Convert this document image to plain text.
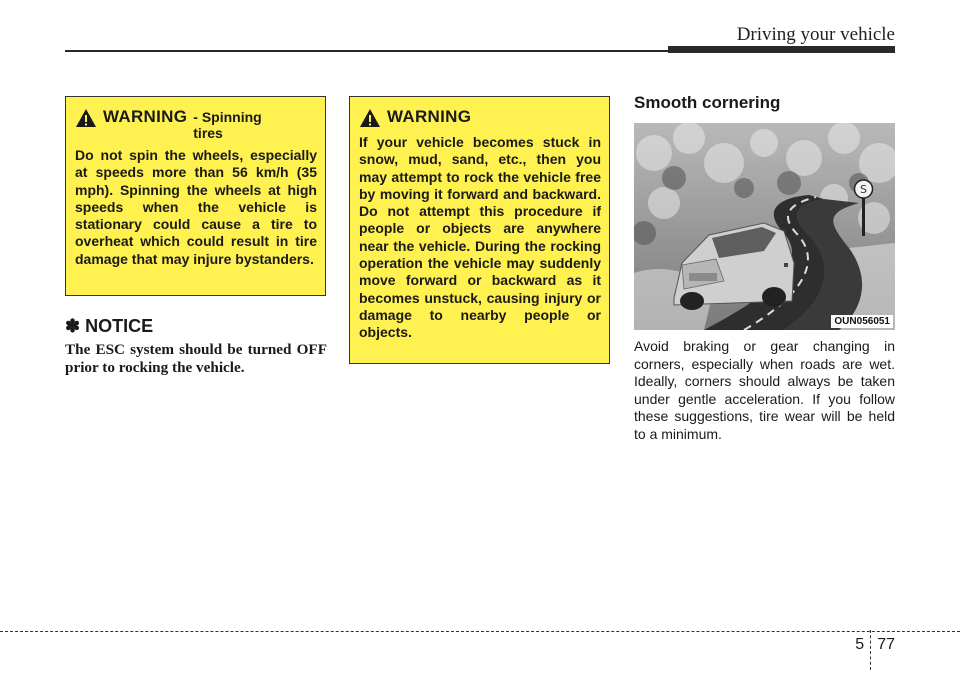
Driving your vehicle
WARNING - Spinning tires
Do not spin the wheels, especially at speeds more than 56 km/h (35 mph). Spinning the wheels at high speeds when the vehicle is stationary could cause a tire to overheat which could result in tire damage that may injure bystanders.
✽ NOTICE
The ESC system should be turned OFF prior to rocking the vehicle.
WARNING
If your vehicle becomes stuck in snow, mud, sand, etc., then you may attempt to rock the vehicle free by moving it forward and backward. Do not attempt this procedure if people or objects are anywhere near the vehicle. During the rocking operation the vehicle may suddenly move forward or backward as it becomes unstuck, causing injury or damage to nearby people or objects.
Smooth cornering
S
OUN056051
Avoid braking or gear changing in corners, especially when roads are wet. Ideally, corners should always be taken under gentle acceleration. If you follow these suggestions, tire wear will be held to a minimum.
5 77
